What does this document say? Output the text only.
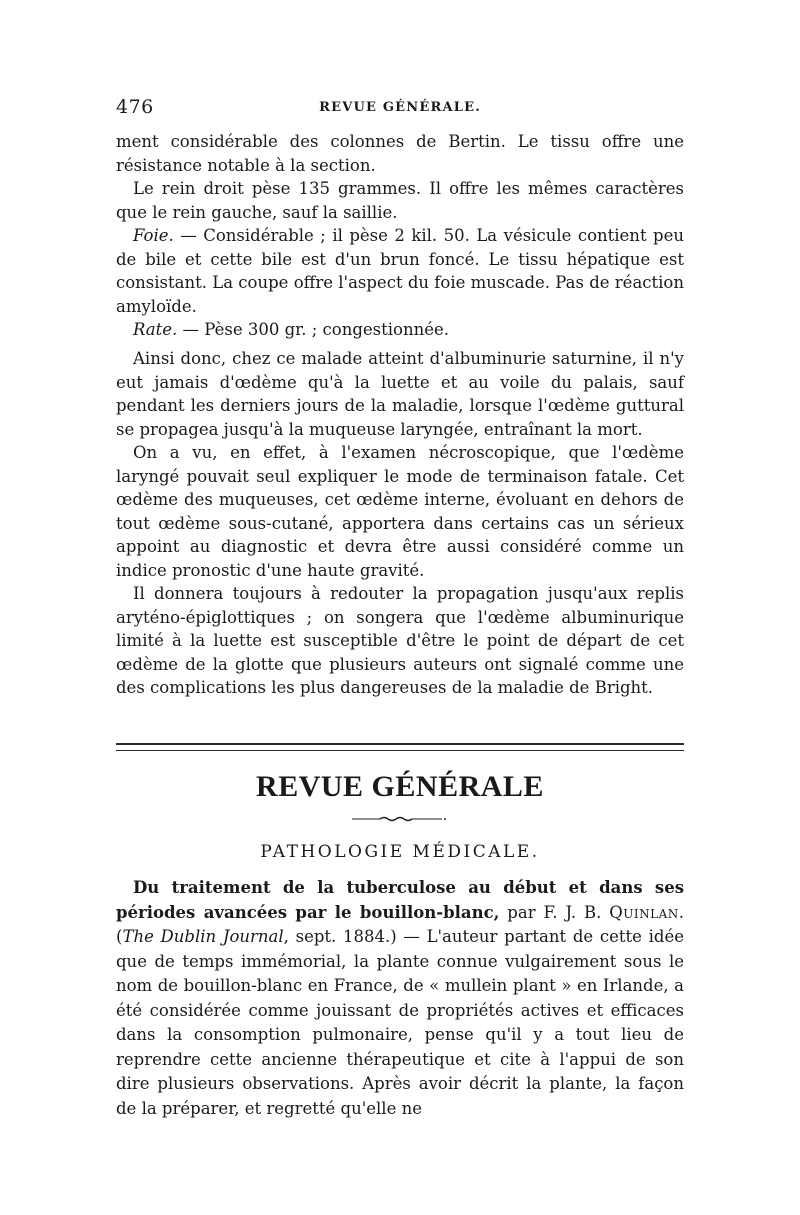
476	REVUE GÉNÉRALE.

ment considérable des colonnes de Bertin. Le tissu offre une résistance notable à la section.

Le rein droit pèse 135 grammes. Il offre les mêmes caractères que le rein gauche, sauf la saillie.

Foie. — Considérable ; il pèse 2 kil. 50. La vésicule contient peu de bile et cette bile est d'un brun foncé. Le tissu hépatique est consistant. La coupe offre l'aspect du foie muscade. Pas de réaction amyloïde.

Rate. — Pèse 300 gr. ; congestionnée.

Ainsi donc, chez ce malade atteint d'albuminurie saturnine, il n'y eut jamais d'œdème qu'à la luette et au voile du palais, sauf pendant les derniers jours de la maladie, lorsque l'œdème guttural se propagea jusqu'à la muqueuse laryngée, entraînant la mort.

On a vu, en effet, à l'examen nécroscopique, que l'œdème laryngé pouvait seul expliquer le mode de terminaison fatale. Cet œdème des muqueuses, cet œdème interne, évoluant en dehors de tout œdème sous-cutané, apportera dans certains cas un sérieux appoint au diagnostic et devra être aussi considéré comme un indice pronostic d'une haute gravité.

Il donnera toujours à redouter la propagation jusqu'aux replis aryténo-épiglottiques ; on songera que l'œdème albuminurique limité à la luette est susceptible d'être le point de départ de cet œdème de la glotte que plusieurs auteurs ont signalé comme une des complications les plus dangereuses de la maladie de Bright.

REVUE GÉNÉRALE
PATHOLOGIE MÉDICALE.
Du traitement de la tuberculose au début et dans ses périodes avancées par le bouillon-blanc, par F. J. B. Quinlan. (The Dublin Journal, sept. 1884.) — L'auteur partant de cette idée que de temps immémorial, la plante connue vulgairement sous le nom de bouillon-blanc en France, de « mullein plant » en Irlande, a été considérée comme jouissant de propriétés actives et efficaces dans la consomption pulmonaire, pense qu'il y a tout lieu de reprendre cette ancienne thérapeutique et cite à l'appui de son dire plusieurs observations. Après avoir décrit la plante, la façon de la préparer, et regretté qu'elle ne
